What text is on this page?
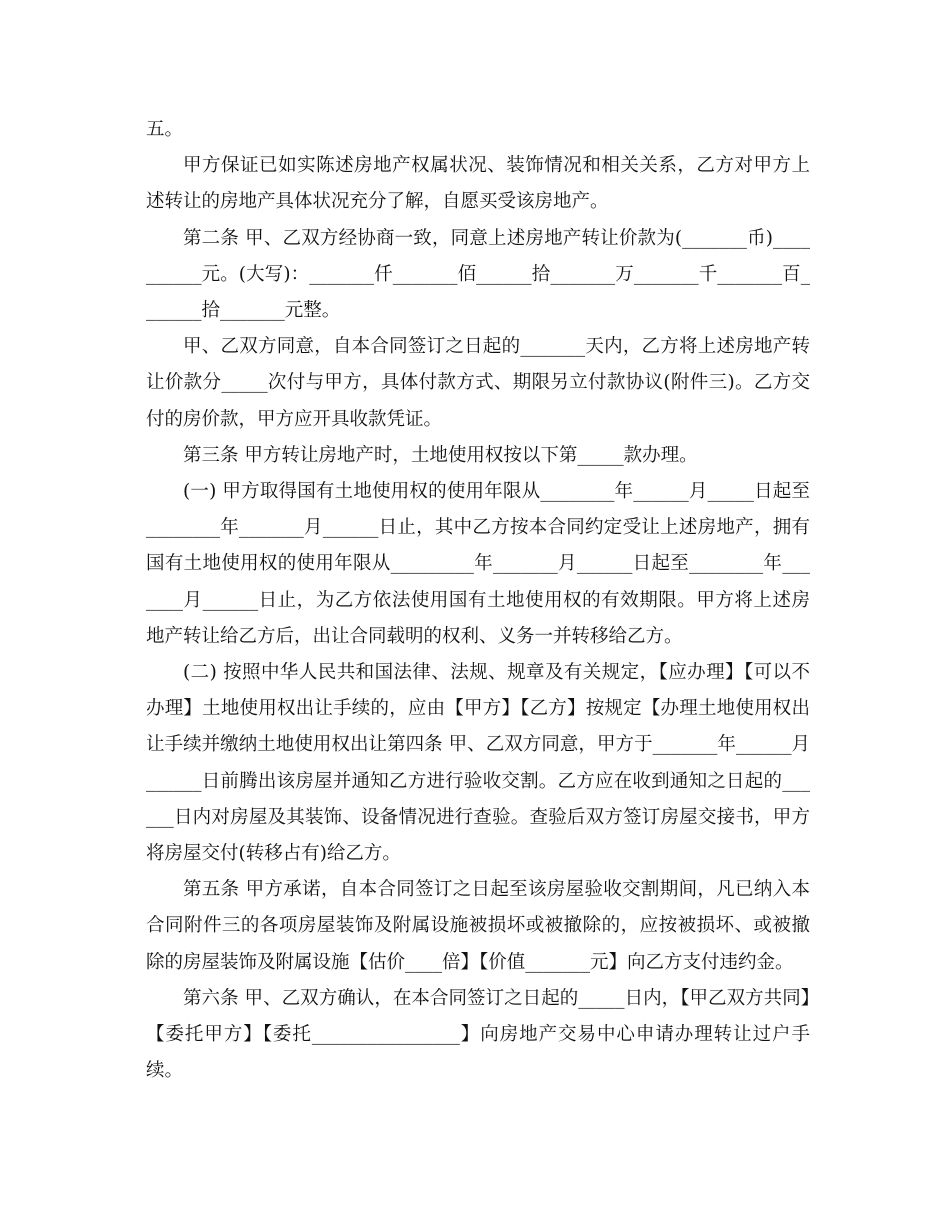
五。

甲方保证已如实陈述房地产权属状况、装饰情况和相关关系，乙方对甲方上述转让的房地产具体状况充分了解，自愿买受该房地产。

第二条 甲、乙双方经协商一致，同意上述房地产转让价款为(_______币)__________元。(大写)：_______仟_______佰______拾_______万_______千_______百_______拾_______元整。

甲、乙双方同意，自本合同签订之日起的_______天内，乙方将上述房地产转让价款分_____次付与甲方，具体付款方式、期限另立付款协议(附件三)。乙方交付的房价款，甲方应开具收款凭证。

第三条 甲方转让房地产时，土地使用权按以下第_____款办理。

(一) 甲方取得国有土地使用权的使用年限从________年______月_____日起至________年_______月______日止，其中乙方按本合同约定受让上述房地产，拥有国有土地使用权的使用年限从_________年_______月______日起至________年_______月______日止，为乙方依法使用国有土地使用权的有效期限。甲方将上述房地产转让给乙方后，出让合同载明的权利、义务一并转移给乙方。

(二) 按照中华人民共和国法律、法规、规章及有关规定，【应办理】【可以不办理】土地使用权出让手续的，应由【甲方】【乙方】按规定【办理土地使用权出让手续并缴纳土地使用权出让第四条 甲、乙双方同意，甲方于_______年______月______日前腾出该房屋并通知乙方进行验收交割。乙方应在收到通知之日起的______日内对房屋及其装饰、设备情况进行查验。查验后双方签订房屋交接书，甲方将房屋交付(转移占有)给乙方。

第五条 甲方承诺，自本合同签订之日起至该房屋验收交割期间，凡已纳入本合同附件三的各项房屋装饰及附属设施被损坏或被撤除的，应按被损坏、或被撤除的房屋装饰及附属设施【估价____倍】【价值_______元】向乙方支付违约金。

第六条 甲、乙双方确认，在本合同签订之日起的_____日内，【甲乙双方共同】【委托甲方】【委托________________】向房地产交易中心申请办理转让过户手续。
